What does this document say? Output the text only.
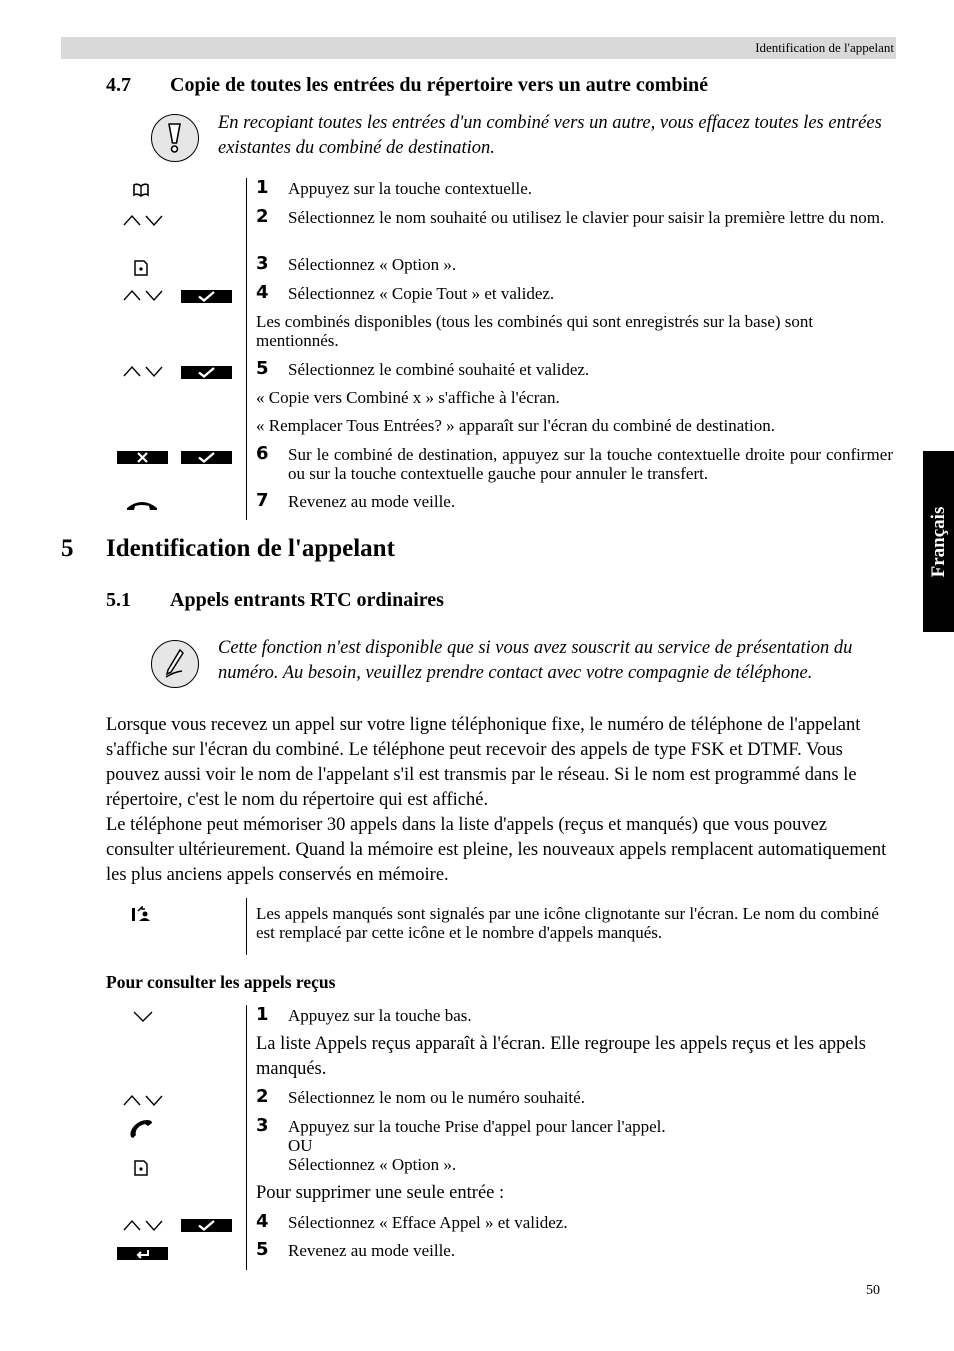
Identification de l'appelant
Français
4.7 Copie de toutes les entrées du répertoire vers un autre combiné
En recopiant toutes les entrées d'un combiné vers un autre, vous effacez toutes les entrées existantes du combiné de destination.
1 Appuyez sur la touche contextuelle.
2 Sélectionnez le nom souhaité ou utilisez le clavier pour saisir la première lettre du nom.
3 Sélectionnez « Option ».
4 Sélectionnez « Copie Tout » et validez.
Les combinés disponibles (tous les combinés qui sont enregistrés sur la base) sont mentionnés.
5 Sélectionnez le combiné souhaité et validez.
« Copie vers Combiné x » s'affiche à l'écran.
« Remplacer Tous Entrées? » apparaît sur l'écran du combiné de destination.
6 Sur le combiné de destination, appuyez sur la touche contextuelle droite pour confirmer ou sur la touche contextuelle gauche pour annuler le transfert.
7 Revenez au mode veille.
5 Identification de l'appelant
5.1 Appels entrants RTC ordinaires
Cette fonction n'est disponible que si vous avez souscrit au service de présentation du numéro. Au besoin, veuillez prendre contact avec votre compagnie de téléphone.

Lorsque vous recevez un appel sur votre ligne téléphonique fixe, le numéro de téléphone de l'appelant s'affiche sur l'écran du combiné. Le téléphone peut recevoir des appels de type FSK et DTMF. Vous pouvez aussi voir le nom de l'appelant s'il est transmis par le réseau. Si le nom est programmé dans le répertoire, c'est le nom du répertoire qui est affiché.

Le téléphone peut mémoriser 30 appels dans la liste d'appels (reçus et manqués) que vous pouvez consulter ultérieurement. Quand la mémoire est pleine, les nouveaux appels remplacent automatiquement les plus anciens appels conservés en mémoire.

Les appels manqués sont signalés par une icône clignotante sur l'écran. Le nom du combiné est remplacé par cette icône et le nombre d'appels manqués.
Pour consulter les appels reçus
1 Appuyez sur la touche bas.
La liste Appels reçus apparaît à l'écran. Elle regroupe les appels reçus et les appels manqués.
2 Sélectionnez le nom ou le numéro souhaité.
3 Appuyez sur la touche Prise d'appel pour lancer l'appel.
OU
Sélectionnez « Option ».
Pour supprimer une seule entrée :
4 Sélectionnez « Efface Appel » et validez.
5 Revenez au mode veille.
50
